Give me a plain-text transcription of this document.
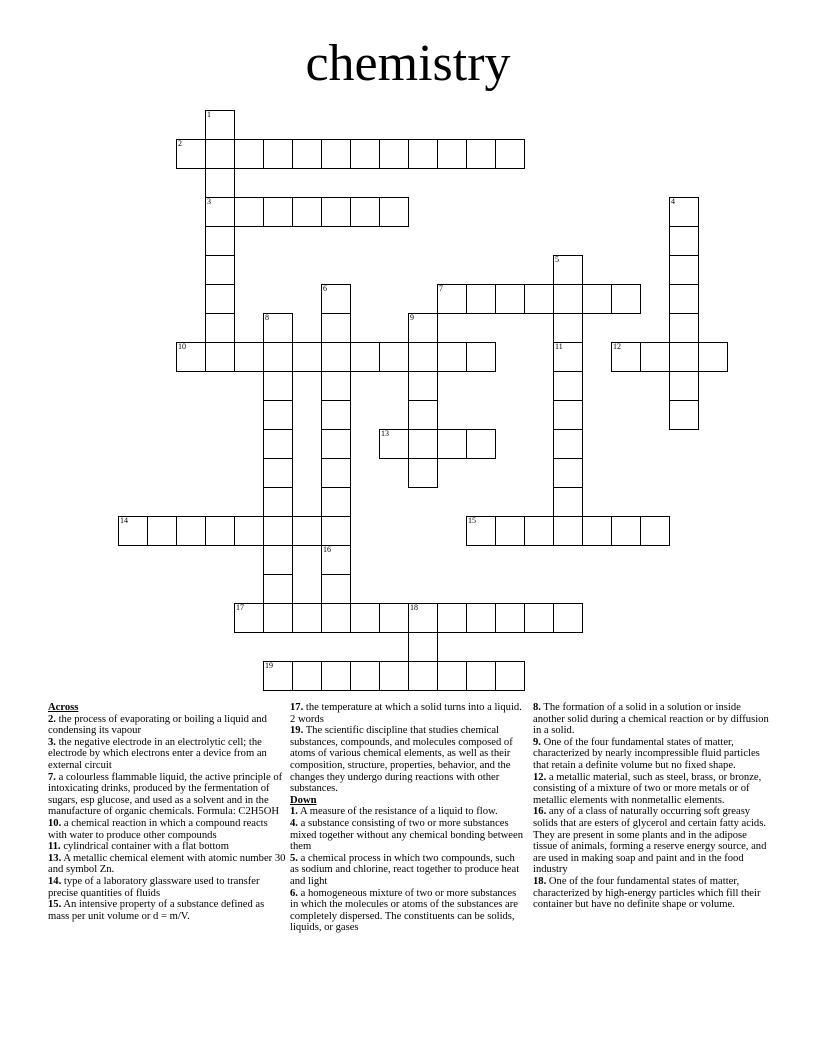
chemistry
1
3
2
4
5
11
6	7
8	9
10	12
13
14	15
16
17	18
19
Across
2. the process of evaporating or boiling a liquid and condensing its vapour
3. the negative electrode in an electrolytic cell; the electrode by which electrons enter a device from an external circuit
7. a colourless flammable liquid, the active principle of intoxicating drinks, produced by the fermentation of sugars, esp glucose, and used as a solvent and in the manufacture of organic chemicals. Formula: C2H5OH
10. a chemical reaction in which a compound reacts with water to produce other compounds
11. cylindrical container with a flat bottom
13. A metallic chemical element with atomic number 30 and symbol Zn.
14. type of a laboratory glassware used to transfer precise quantities of fluids
15. An intensive property of a substance defined as mass per unit volume or d = m/V.
17. the temperature at which a solid turns into a liquid. 2 words
19. The scientific discipline that studies chemical substances, compounds, and molecules composed of atoms of various chemical elements, as well as their composition, structure, properties, behavior, and the changes they undergo during reactions with other substances.
Down
1. A measure of the resistance of a liquid to flow.
4. a substance consisting of two or more substances mixed together without any chemical bonding between them
5. a chemical process in which two compounds, such as sodium and chlorine, react together to produce heat and light
6. a homogeneous mixture of two or more substances in which the molecules or atoms of the substances are completely dispersed. The constituents can be solids, liquids, or gases
8. The formation of a solid in a solution or inside another solid during a chemical reaction or by diffusion in a solid.
9. One of the four fundamental states of matter, characterized by nearly incompressible fluid particles that retain a definite volume but no fixed shape.
12. a metallic material, such as steel, brass, or bronze, consisting of a mixture of two or more metals or of metallic elements with nonmetallic elements.
16. any of a class of naturally occurring soft greasy solids that are esters of glycerol and certain fatty acids. They are present in some plants and in the adipose tissue of animals, forming a reserve energy source, and are used in making soap and paint and in the food industry
18. One of the four fundamental states of matter, characterized by high-energy particles which fill their container but have no definite shape or volume.
